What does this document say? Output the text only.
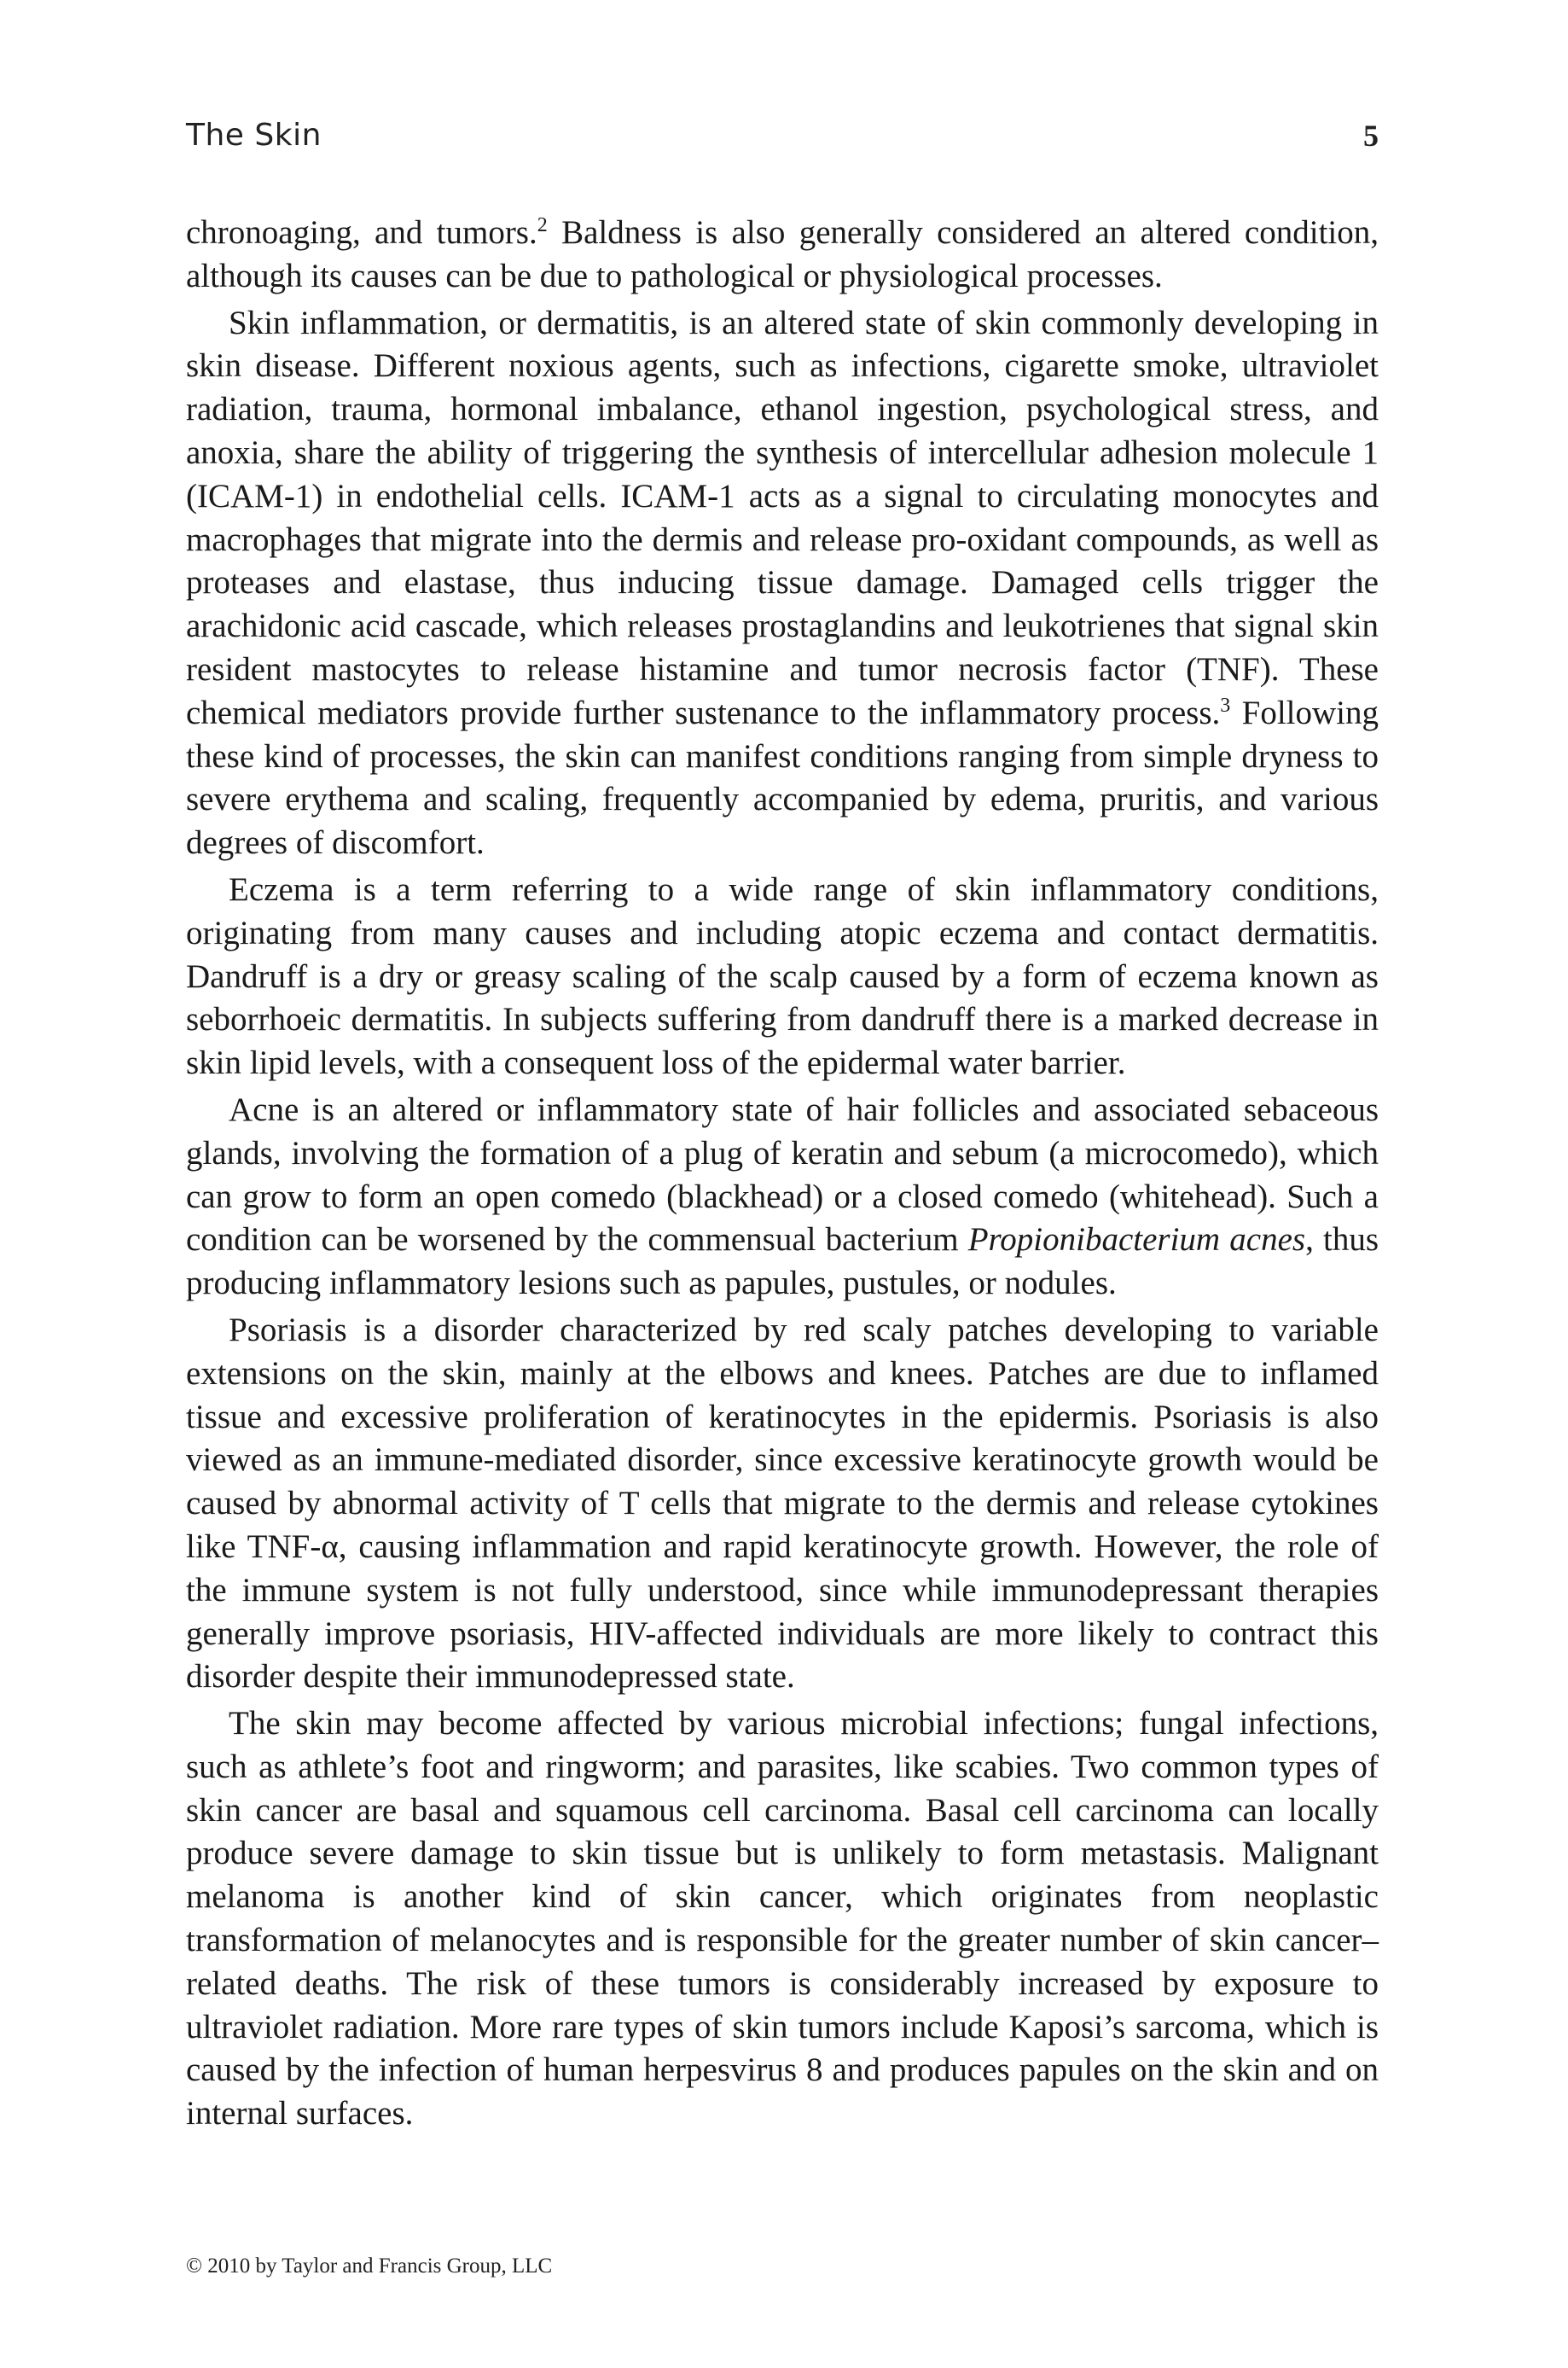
The Skin	5

chronoaging, and tumors.$^2$ Baldness is also generally considered an altered condition, although its causes can be due to pathological or physiological processes.

Skin inflammation, or dermatitis, is an altered state of skin commonly developing in skin disease. Different noxious agents, such as infections, cigarette smoke, ultraviolet radiation, trauma, hormonal imbalance, ethanol ingestion, psychological stress, and anoxia, share the ability of triggering the synthesis of intercellular adhesion molecule 1 (ICAM-1) in endothelial cells. ICAM-1 acts as a signal to circulating monocytes and macrophages that migrate into the dermis and release pro-oxidant compounds, as well as proteases and elastase, thus inducing tissue damage. Damaged cells trigger the arachidonic acid cascade, which releases prostaglandins and leukotrienes that signal skin resident mastocytes to release histamine and tumor necrosis factor (TNF). These chemical mediators provide further sustenance to the inflammatory process.$^3$ Following these kind of processes, the skin can manifest conditions ranging from simple dryness to severe erythema and scaling, frequently accompanied by edema, pruritis, and various degrees of discomfort.

Eczema is a term referring to a wide range of skin inflammatory conditions, originating from many causes and including atopic eczema and contact dermatitis. Dandruff is a dry or greasy scaling of the scalp caused by a form of eczema known as seborrhoeic dermatitis. In subjects suffering from dandruff there is a marked decrease in skin lipid levels, with a consequent loss of the epidermal water barrier.

Acne is an altered or inflammatory state of hair follicles and associated sebaceous glands, involving the formation of a plug of keratin and sebum (a microcomedo), which can grow to form an open comedo (blackhead) or a closed comedo (whitehead). Such a condition can be worsened by the commensual bacterium Propionibacterium acnes, thus producing inflammatory lesions such as papules, pustules, or nodules.

Psoriasis is a disorder characterized by red scaly patches developing to variable extensions on the skin, mainly at the elbows and knees. Patches are due to inflamed tissue and excessive proliferation of keratinocytes in the epidermis. Psoriasis is also viewed as an immune-mediated disorder, since excessive keratinocyte growth would be caused by abnormal activity of T cells that migrate to the dermis and release cytokines like TNF-α, causing inflammation and rapid keratinocyte growth. However, the role of the immune system is not fully understood, since while immunodepressant therapies generally improve psoriasis, HIV-affected individuals are more likely to contract this disorder despite their immunodepressed state.

The skin may become affected by various microbial infections; fungal infections, such as athlete’s foot and ringworm; and parasites, like scabies. Two common types of skin cancer are basal and squamous cell carcinoma. Basal cell carcinoma can locally produce severe damage to skin tissue but is unlikely to form metastasis. Malignant melanoma is another kind of skin cancer, which originates from neoplastic transformation of melanocytes and is responsible for the greater number of skin cancer–related deaths. The risk of these tumors is considerably increased by exposure to ultraviolet radiation. More rare types of skin tumors include Kaposi’s sarcoma, which is caused by the infection of human herpesvirus 8 and produces papules on the skin and on internal surfaces.

© 2010 by Taylor and Francis Group, LLC
